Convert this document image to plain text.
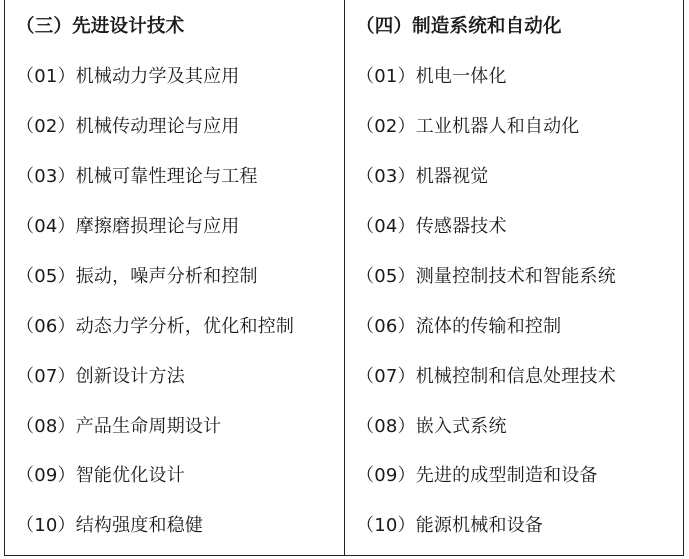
（三）先进设计技术
（01）机械动力学及其应用
（02）机械传动理论与应用
（03）机械可靠性理论与工程
（04）摩擦磨损理论与应用
（05）振动，噪声分析和控制
（06）动态力学分析，优化和控制
（07）创新设计方法
（08）产品生命周期设计
（09）智能优化设计
（10）结构强度和稳健
（四）制造系统和自动化
（01）机电一体化
（02）工业机器人和自动化
（03）机器视觉
（04）传感器技术
（05）测量控制技术和智能系统
（06）流体的传输和控制
（07）机械控制和信息处理技术
（08）嵌入式系统
（09）先进的成型制造和设备
（10）能源机械和设备
